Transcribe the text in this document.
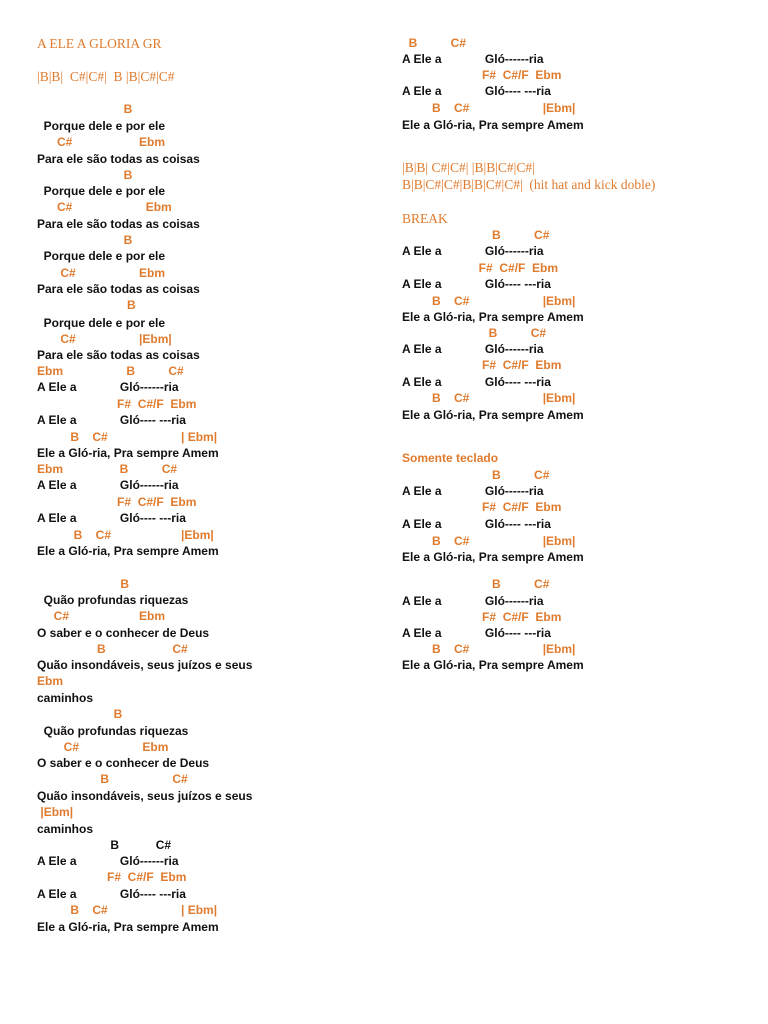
A ELE A GLORIA GR
|B|B|  C#|C#|  B |B|C#|C#
B
Porque dele e por ele
C#                    Ebm
Para ele são todas as coisas
B
Porque dele e por ele
C#                      Ebm
Para ele são todas as coisas
B
Porque dele e por ele
C#                   Ebm
Para ele são todas as coisas
B
Porque dele e por ele
C#                   |Ebm|
Para ele são todas as coisas
Ebm                   B          C#
A Ele a             Gló------ria
F#  C#/F  Ebm
A Ele a             Gló---- ---ria
B    C#                      | Ebm|
Ele a Gló-ria, Pra sempre Amem
Ebm                 B          C#
A Ele a             Gló------ria
F#  C#/F  Ebm
A Ele a             Gló---- ---ria
B    C#                     |Ebm|
Ele a Gló-ria, Pra sempre Amem
B
Quão profundas riquezas
C#                     Ebm
O saber e o conhecer de Deus
B                    C#
Quão insondáveis, seus juízos e seus
Ebm
caminhos
B
Quão profundas riquezas
C#                   Ebm
O saber e o conhecer de Deus
B                   C#
Quão insondáveis, seus juízos e seus
|Ebm|
caminhos
B           C#
A Ele a             Gló------ria
F#  C#/F  Ebm
A Ele a             Gló---- ---ria
B    C#                      | Ebm|
Ele a Gló-ria, Pra sempre Amem
B          C#
A Ele a             Gló------ria
F#  C#/F  Ebm
A Ele a             Gló---- ---ria
B    C#                      |Ebm|
Ele a Gló-ria, Pra sempre Amem
|B|B| C#|C#| |B|B|C#|C#|
B|B|C#|C#|B|B|C#|C#|  (hit hat and kick doble)
BREAK
B          C#
A Ele a             Gló------ria
F#  C#/F  Ebm
A Ele a             Gló---- ---ria
B    C#                      |Ebm|
Ele a Gló-ria, Pra sempre Amem
B          C#
A Ele a             Gló------ria
F#  C#/F  Ebm
A Ele a             Gló---- ---ria
B    C#                      |Ebm|
Ele a Gló-ria, Pra sempre Amem
Somente teclado
B          C#
A Ele a             Gló------ria
F#  C#/F  Ebm
A Ele a             Gló---- ---ria
B    C#                      |Ebm|
Ele a Gló-ria, Pra sempre Amem
B          C#
A Ele a             Gló------ria
F#  C#/F  Ebm
A Ele a             Gló---- ---ria
B    C#                      |Ebm|
Ele a Gló-ria, Pra sempre Amem
